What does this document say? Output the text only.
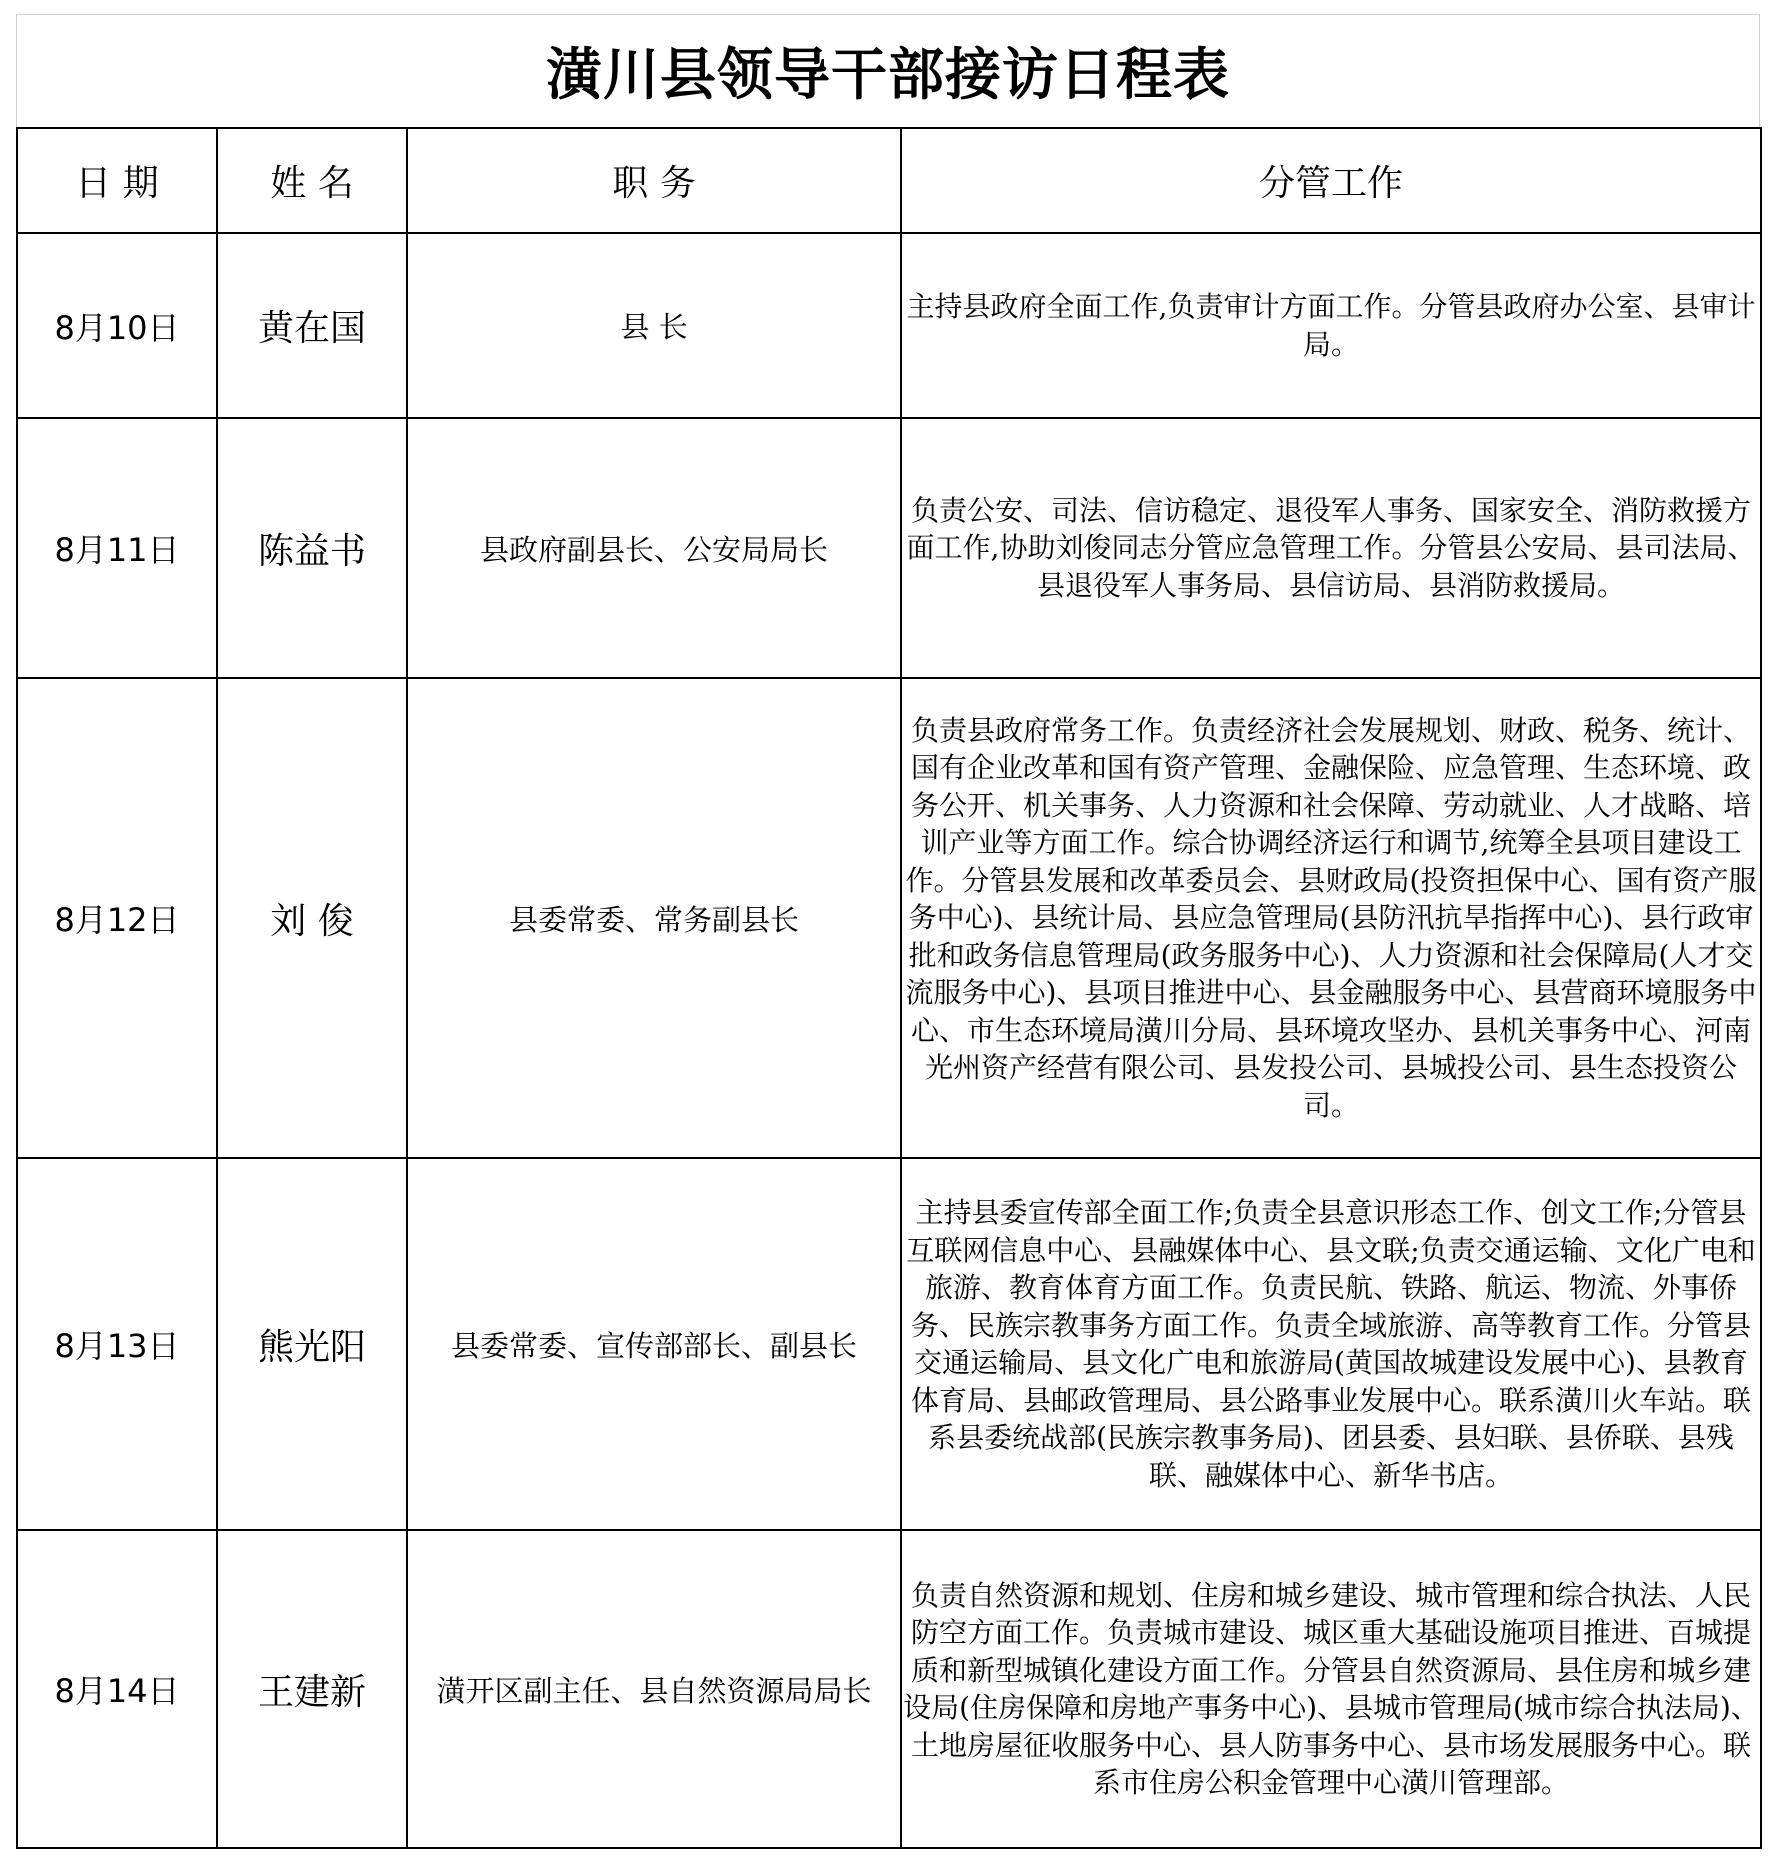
潢川县领导干部接访日程表
日 期	姓 名	职 务	分管工作
8月10日	黄在国	县 长	主持县政府全面工作,负责审计方面工作。分管县政府办公室、县审计局。
8月11日	陈益书	县政府副县长、公安局局长	负责公安、司法、信访稳定、退役军人事务、国家安全、消防救援方面工作,协助刘俊同志分管应急管理工作。分管县公安局、县司法局、县退役军人事务局、县信访局、县消防救援局。
8月12日	刘 俊	县委常委、常务副县长	负责县政府常务工作。负责经济社会发展规划、财政、税务、统计、国有企业改革和国有资产管理、金融保险、应急管理、生态环境、政务公开、机关事务、人力资源和社会保障、劳动就业、人才战略、培训产业等方面工作。综合协调经济运行和调节,统筹全县项目建设工作。分管县发展和改革委员会、县财政局(投资担保中心、国有资产服务中心)、县统计局、县应急管理局(县防汛抗旱指挥中心)、县行政审批和政务信息管理局(政务服务中心)、人力资源和社会保障局(人才交流服务中心)、县项目推进中心、县金融服务中心、县营商环境服务中心、市生态环境局潢川分局、县环境攻坚办、县机关事务中心、河南光州资产经营有限公司、县发投公司、县城投公司、县生态投资公司。
8月13日	熊光阳	县委常委、宣传部部长、副县长	主持县委宣传部全面工作;负责全县意识形态工作、创文工作;分管县互联网信息中心、县融媒体中心、县文联;负责交通运输、文化广电和旅游、教育体育方面工作。负责民航、铁路、航运、物流、外事侨务、民族宗教事务方面工作。负责全域旅游、高等教育工作。分管县交通运输局、县文化广电和旅游局(黄国故城建设发展中心)、县教育体育局、县邮政管理局、县公路事业发展中心。联系潢川火车站。联系县委统战部(民族宗教事务局)、团县委、县妇联、县侨联、县残联、融媒体中心、新华书店。
8月14日	王建新	潢开区副主任、县自然资源局局长	负责自然资源和规划、住房和城乡建设、城市管理和综合执法、人民防空方面工作。负责城市建设、城区重大基础设施项目推进、百城提质和新型城镇化建设方面工作。分管县自然资源局、县住房和城乡建设局(住房保障和房地产事务中心)、县城市管理局(城市综合执法局)、土地房屋征收服务中心、县人防事务中心、县市场发展服务中心。联系市住房公积金管理中心潢川管理部。
